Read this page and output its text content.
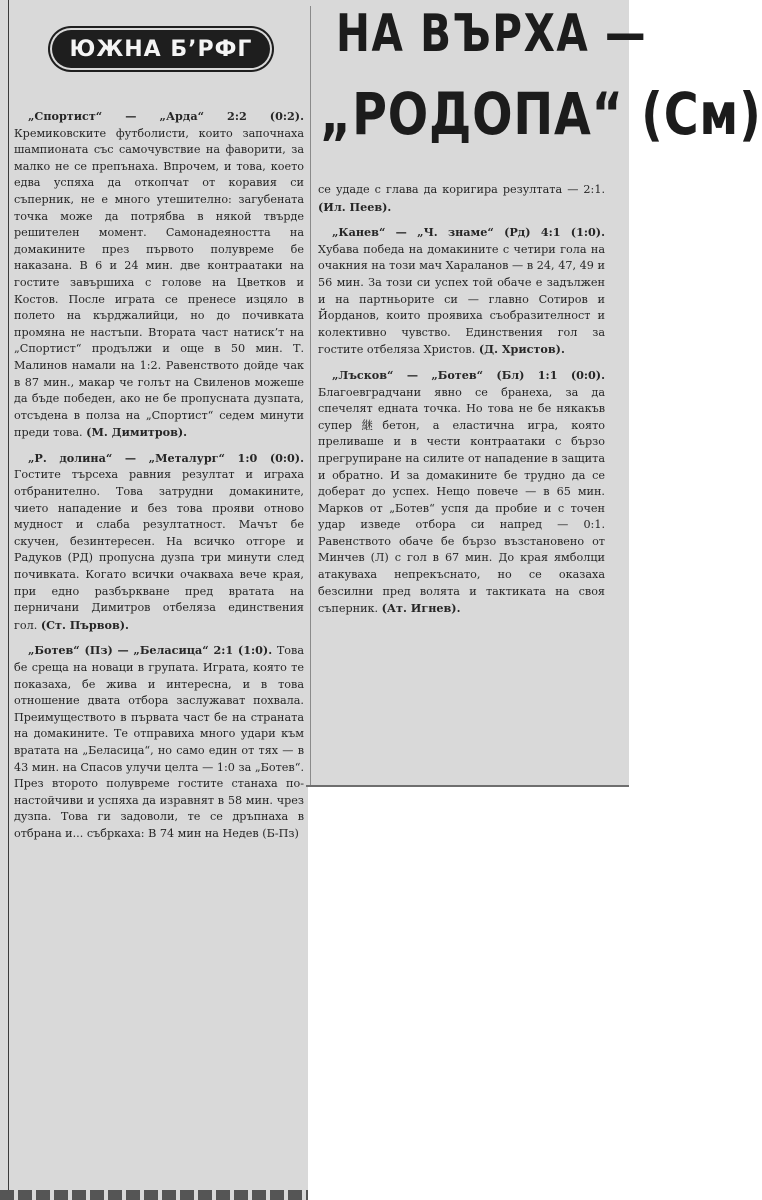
ЮЖНА Б’РФГ НА ВЪРХА —
„РОДОПА“ (См)

„Спортист“ — „Арда“ 2:2 (0:2). Кремиковските футболисти, които започнаха шампионата със самочувствие на фаворити, за малко не се препънаха. Впрочем, и това, което едва успяха да откопчат от коравия си съперник, не е много утешително: загубената точка може да потрябва в някой твърде решителен момент. Самонадеяността на домакините през първото полувреме бе наказана. В 6 и 24 мин. две контраатаки на гостите завършиха с голове на Цветков и Костов. После играта се пренесе изцяло в полето на кърджалийци, но до почивката промяна не настъпи. Втората част натиск’т на „Спортист“ продължи и още в 50 мин. Т. Малинов намали на 1:2. Равенството дойде чак в 87 мин., макар че голът на Свиленов можеше да бъде победен, ако не бе пропусната дузпата, отсъдена в полза на „Спортист“ седем минути преди това. (М. Димитров).

„Р. долина“ — „Металург“ 1:0 (0:0). Гостите търсеха равния резултат и играха отбранително. Това затрудни домакините, чието нападение и без това прояви отново мудност и слаба резултатност. Мачът бе скучен, безинтересен. На всичко отгоре и Радуков (РД) пропусна дузпа три минути след почивката. Когато всички очакваха вече края, при едно разбъркване пред вратата на перничани Димитров отбеляза единствения гол. (Ст. Първов).

„Ботев“ (Пз) — „Беласица“ 2:1 (1:0). Това бе среща на новаци в групата. Играта, която те показаха, бе жива и интересна, и в това отношение двата отбора заслужават похвала. Преимуществото в първата част бе на страната на домакините. Те отправиха много удари към вратата на „Беласица“, но само един от тях — в 43 мин. на Спасов улучи целта — 1:0 за „Ботев“. През второто полувреме гостите станаха по-настойчиви и успяха да изравнят в 58 мин. чрез дузпа. Това ги задоволи, те се дръпнаха в отбрана и... събркаха: В 74 мин на Недев (Б-Пз)

се удаде с глава да коригира резултата — 2:1. (Ил. Пеев).

„Канев“ — „Ч. знаме“ (Рд) 4:1 (1:0). Хубава победа на домакините с четири гола на очакния на този мач Хараланов — в 24, 47, 49 и 56 мин. За този си успех той обаче е задължен и на партньорите си — главно Сотиров и Йорданов, които проявиха съобразителност и колективно чувство. Единствения гол за гостите отбеляза Христов. (Д. Христов).

„Лъсков“ — „Ботев“ (Бл) 1:1 (0:0). Благоевградчани явно се бранеха, за да спечелят едната точка. Но това не бе някакъв супер継бетон, а еластична игра, която преливаше и в чести контраатаки с бързо прегрупиране на силите от нападение в защита и обратно. И за домакините бе трудно да се доберат до успех. Нещо повече — в 65 мин. Марков от „Ботев“ успя да пробие и с точен удар изведе отбора си напред — 0:1. Равенството обаче бе бързо възстановено от Минчев (Л) с гол в 67 мин. До края ямболци атакуваха непрекъснато, но се оказаха безсилни пред волята и тактиката на своя съперник. (Ат. Игнев).
